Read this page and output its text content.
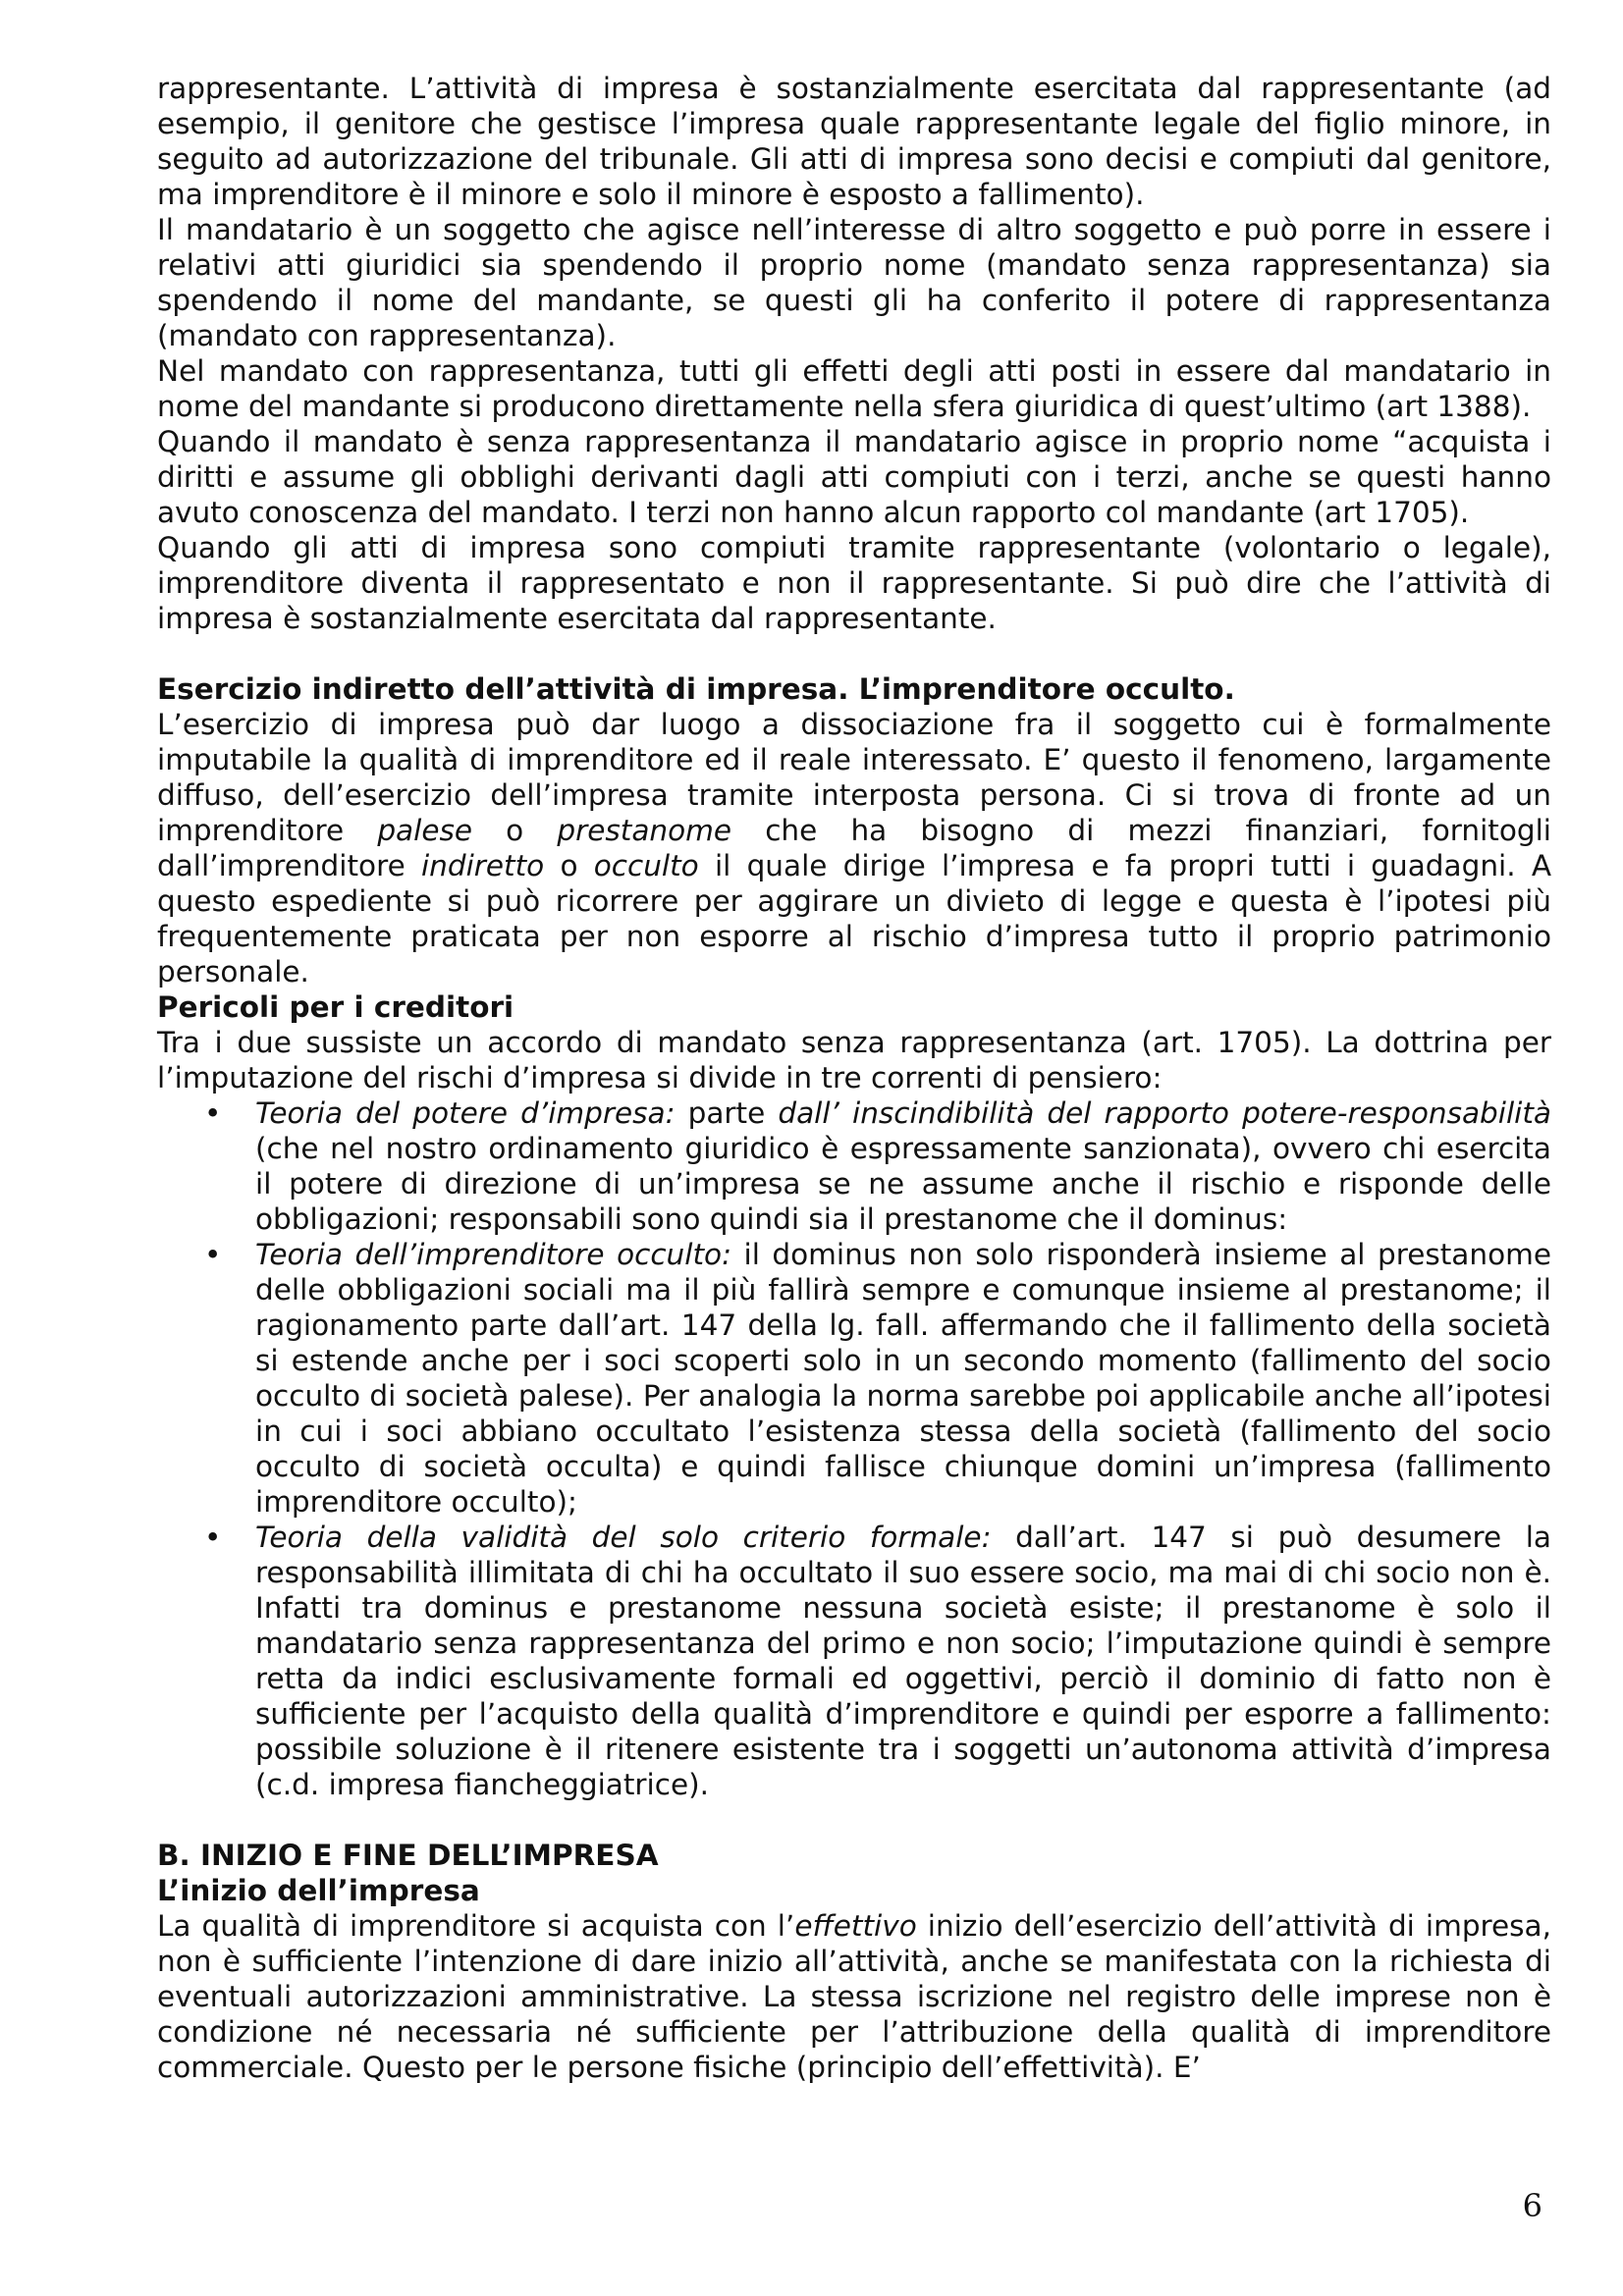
rappresentante. L’attività di impresa è sostanzialmente esercitata dal rappresentante (ad esempio, il genitore che gestisce l’impresa quale rappresentante legale del figlio minore, in seguito ad autorizzazione del tribunale. Gli atti di impresa sono decisi e compiuti dal genitore, ma imprenditore è il minore e solo il minore è esposto a fallimento).

Il mandatario è un soggetto che agisce nell’interesse di altro soggetto e può porre in essere i relativi atti giuridici sia spendendo il proprio nome (mandato senza rappresentanza) sia spendendo il nome del mandante, se questi gli ha conferito il potere di rappresentanza (mandato con rappresentanza).

Nel mandato con rappresentanza, tutti gli effetti degli atti posti in essere dal mandatario in nome del mandante si producono direttamente nella sfera giuridica di quest’ultimo (art 1388).

Quando il mandato è senza rappresentanza il mandatario agisce in proprio nome “acquista i diritti e assume gli obblighi derivanti dagli atti compiuti con i terzi, anche se questi hanno avuto conoscenza del mandato. I terzi non hanno alcun rapporto col mandante (art 1705).

Quando gli atti di impresa sono compiuti tramite rappresentante (volontario o legale), imprenditore diventa il rappresentato e non il rappresentante. Si può dire che l’attività di impresa è sostanzialmente esercitata dal rappresentante.

Esercizio indiretto dell’attività di impresa. L’imprenditore occulto.

L’esercizio di impresa può dar luogo a dissociazione fra il soggetto cui è formalmente imputabile la qualità di imprenditore ed il reale interessato. E’ questo il fenomeno, largamente diffuso, dell’esercizio dell’impresa tramite interposta persona. Ci si trova di fronte ad un imprenditore palese o prestanome che ha bisogno di mezzi finanziari, fornitogli dall’imprenditore indiretto o occulto il quale dirige l’impresa e fa propri tutti i guadagni. A questo espediente si può ricorrere per aggirare un divieto di legge e questa è l’ipotesi più frequentemente praticata per non esporre al rischio d’impresa tutto il proprio patrimonio personale.

Pericoli per i creditori

Tra i due sussiste un accordo di mandato senza rappresentanza (art. 1705). La dottrina per l’imputazione del rischi d’impresa si divide in tre correnti di pensiero:

• Teoria del potere d’impresa: parte dall’ inscindibilità del rapporto potere-responsabilità (che nel nostro ordinamento giuridico è espressamente sanzionata), ovvero chi esercita il potere di direzione di un’impresa se ne assume anche il rischio e risponde delle obbligazioni; responsabili sono quindi sia il prestanome che il dominus:
• Teoria dell’imprenditore occulto: il dominus non solo risponderà insieme al prestanome delle obbligazioni sociali ma il più fallirà sempre e comunque insieme al prestanome; il ragionamento parte dall’art. 147 della lg. fall. affermando che il fallimento della società si estende anche per i soci scoperti solo in un secondo momento (fallimento del socio occulto di società palese). Per analogia la norma sarebbe poi applicabile anche all’ipotesi in cui i soci abbiano occultato l’esistenza stessa della società (fallimento del socio occulto di società occulta) e quindi fallisce chiunque domini un’impresa (fallimento imprenditore occulto);
• Teoria della validità del solo criterio formale: dall’art. 147 si può desumere la responsabilità illimitata di chi ha occultato il suo essere socio, ma mai di chi socio non è. Infatti tra dominus e prestanome nessuna società esiste; il prestanome è solo il mandatario senza rappresentanza del primo e non socio; l’imputazione quindi è sempre retta da indici esclusivamente formali ed oggettivi, perciò il dominio di fatto non è sufficiente per l’acquisto della qualità d’imprenditore e quindi per esporre a fallimento: possibile soluzione è il ritenere esistente tra i soggetti un’autonoma attività d’impresa (c.d. impresa fiancheggiatrice).

B. INIZIO E FINE DELL’IMPRESA

L’inizio dell’impresa

La qualità di imprenditore si acquista con l’effettivo inizio dell’esercizio dell’attività di impresa, non è sufficiente l’intenzione di dare inizio all’attività, anche se manifestata con la richiesta di eventuali autorizzazioni amministrative. La stessa iscrizione nel registro delle imprese non è condizione né necessaria né sufficiente per l’attribuzione della qualità di imprenditore commerciale. Questo per le persone fisiche (principio dell’effettività). E’

6
